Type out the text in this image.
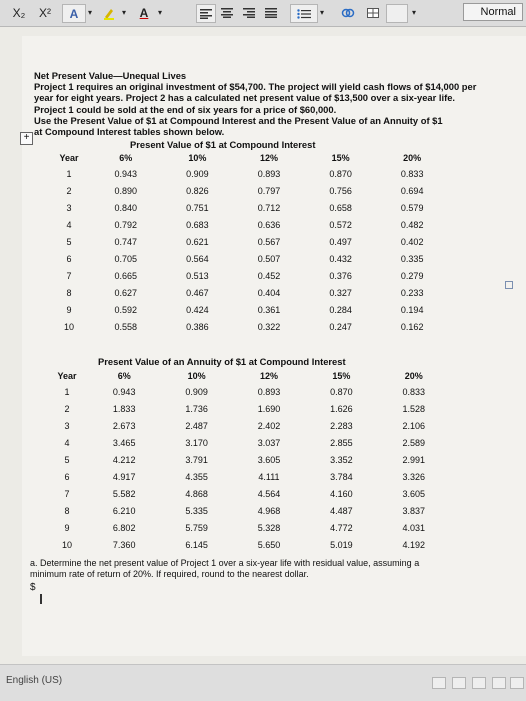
X₂	X²	A	▾	▾	A	▾	▾	▾	Normal
+

Net Present Value—Unequal Lives

Project 1 requires an original investment of $54,700. The project will yield cash flows of $14,000 per

year for eight years. Project 2 has a calculated net present value of $13,500 over a six-year life.

Project 1 could be sold at the end of six years for a price of $60,000.

Use the Present Value of $1 at Compound Interest and the Present Value of an Annuity of $1

at Compound Interest tables shown below.

Present Value of $1 at Compound Interest
Year	6%	10%	12%	15%	20%
1	0.943	0.909	0.893	0.870	0.833
2	0.890	0.826	0.797	0.756	0.694
3	0.840	0.751	0.712	0.658	0.579
4	0.792	0.683	0.636	0.572	0.482
5	0.747	0.621	0.567	0.497	0.402
6	0.705	0.564	0.507	0.432	0.335
7	0.665	0.513	0.452	0.376	0.279
8	0.627	0.467	0.404	0.327	0.233
9	0.592	0.424	0.361	0.284	0.194
10	0.558	0.386	0.322	0.247	0.162
Present Value of an Annuity of $1 at Compound Interest
Year	6%	10%	12%	15%	20%
1	0.943	0.909	0.893	0.870	0.833
2	1.833	1.736	1.690	1.626	1.528
3	2.673	2.487	2.402	2.283	2.106
4	3.465	3.170	3.037	2.855	2.589
5	4.212	3.791	3.605	3.352	2.991
6	4.917	4.355	4.111	3.784	3.326
7	5.582	4.868	4.564	4.160	3.605
8	6.210	5.335	4.968	4.487	3.837
9	6.802	5.759	5.328	4.772	4.031
10	7.360	6.145	5.650	5.019	4.192
a. Determine the net present value of Project 1 over a six-year life with residual value, assuming a
minimum rate of return of 20%. If required, round to the nearest dollar.
$
English (US)
